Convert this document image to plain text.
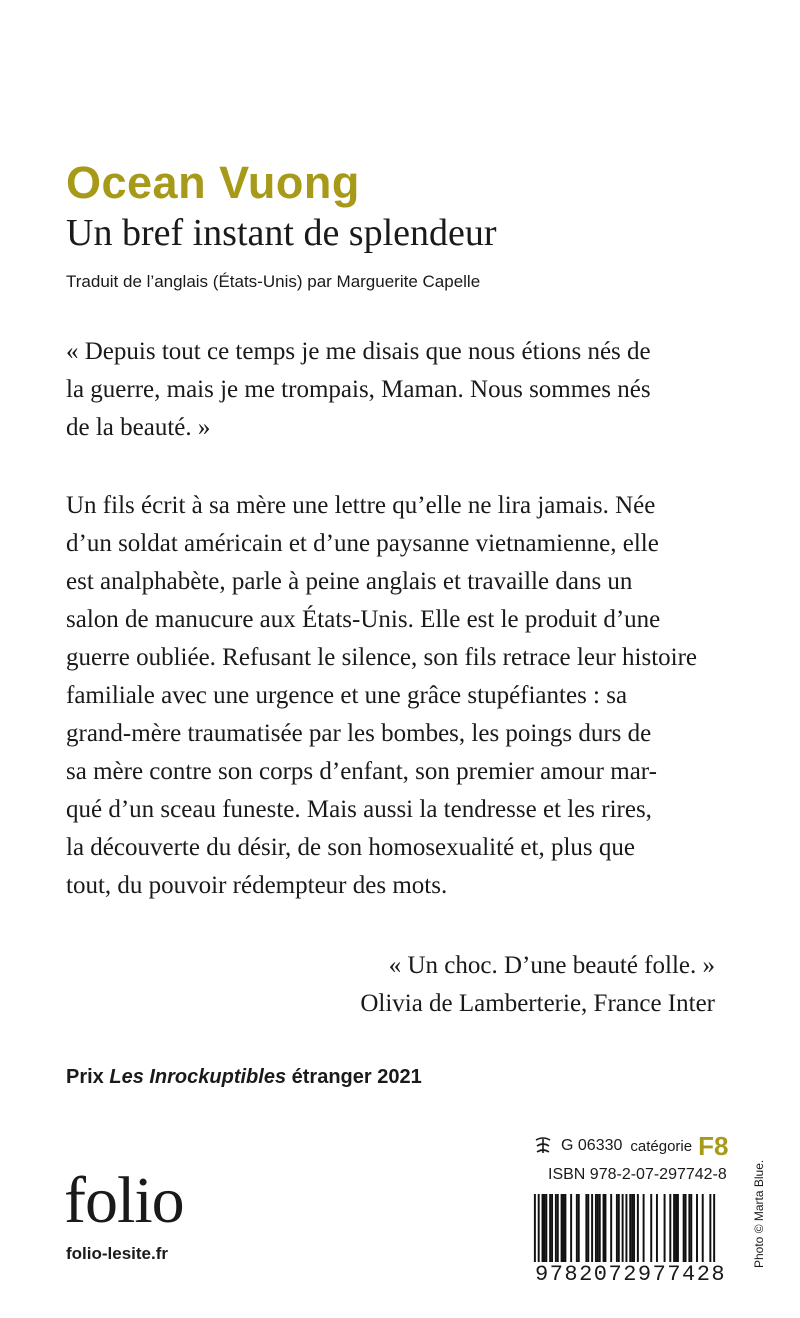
Ocean Vuong
Un bref instant de splendeur
Traduit de l’anglais (États-Unis) par Marguerite Capelle
« Depuis tout ce temps je me disais que nous étions nés de
la guerre, mais je me trompais, Maman. Nous sommes nés
de la beauté. »
Un fils écrit à sa mère une lettre qu’elle ne lira jamais. Née
d’un soldat américain et d’une paysanne vietnamienne, elle
est analphabète, parle à peine anglais et travaille dans un
salon de manucure aux États-Unis. Elle est le produit d’une
guerre oubliée. Refusant le silence, son fils retrace leur histoire
familiale avec une urgence et une grâce stupéfiantes : sa
grand-mère traumatisée par les bombes, les poings durs de
sa mère contre son corps d’enfant, son premier amour mar-
qué d’un sceau funeste. Mais aussi la tendresse et les rires,
la découverte du désir, de son homosexualité et, plus que
tout, du pouvoir rédempteur des mots.
« Un choc. D’une beauté folle. »
Olivia de Lamberterie, France Inter
Prix Les Inrockuptibles étranger 2021
folio
folio-lesite.fr
G 06330 catégorie F8
ISBN 978-2-07-297742-8
9782072977428
Photo © Marta Blue.
